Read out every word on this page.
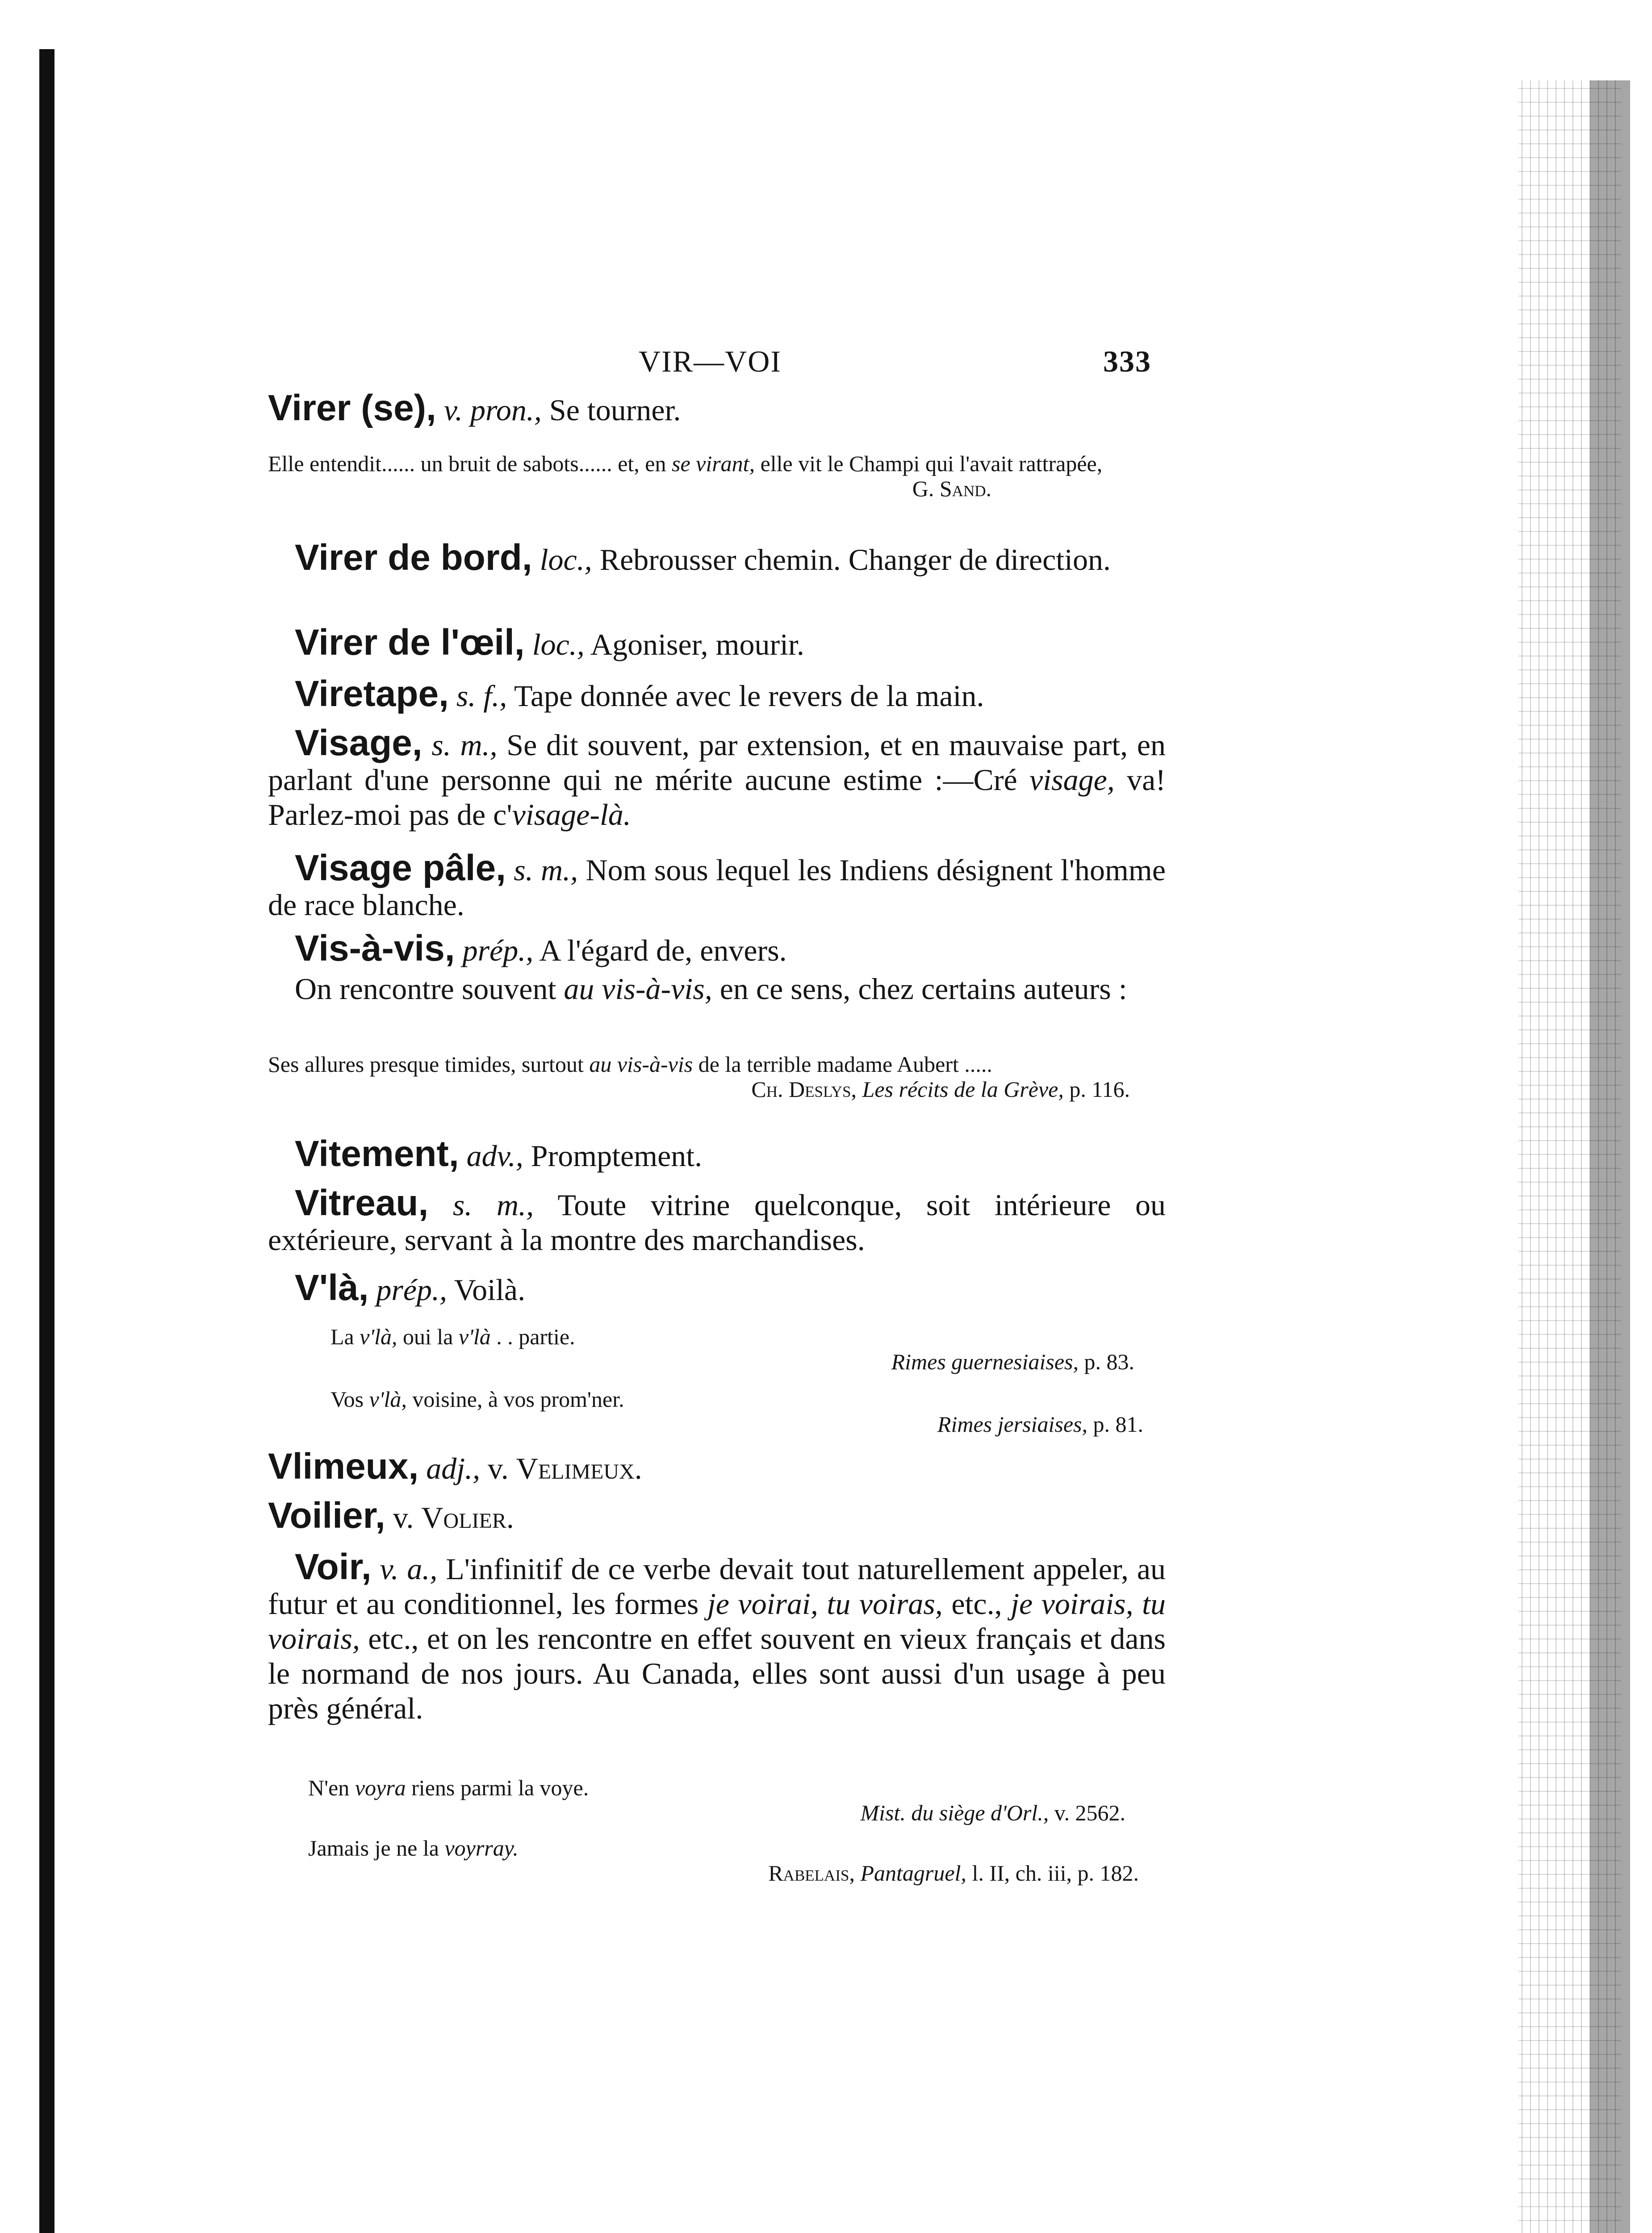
VIR—VOI	333
Virer (se), v. pron., Se tourner.
Elle entendit...... un bruit de sabots...... et, en se virant, elle vit le Champi qui l'avait rattrapée,
G. Sand.
Virer de bord, loc., Rebrousser chemin. Changer de direction.
Virer de l'œil, loc., Agoniser, mourir.
Viretape, s. f., Tape donnée avec le revers de la main.
Visage, s. m., Se dit souvent, par extension, et en mauvaise part, en parlant d'une personne qui ne mérite aucune estime :—Cré visage, va! Parlez-moi pas de c'visage-là.
Visage pâle, s. m., Nom sous lequel les Indiens désignent l'homme de race blanche.
Vis-à-vis, prép., A l'égard de, envers.
On rencontre souvent au vis-à-vis, en ce sens, chez certains auteurs :
Ses allures presque timides, surtout au vis-à-vis de la terrible madame Aubert .....
Ch. Deslys, Les récits de la Grève, p. 116.
Vitement, adv., Promptement.
Vitreau, s. m., Toute vitrine quelconque, soit intérieure ou extérieure, servant à la montre des marchandises.
V'là, prép., Voilà.
La v'là, oui la v'là . . partie.
Rimes guernesiaises, p. 83.
Vos v'là, voisine, à vos prom'ner.
Rimes jersiaises, p. 81.
Vlimeux, adj., v. Velimeux.
Voilier, v. Volier.
Voir, v. a., L'infinitif de ce verbe devait tout naturellement appeler, au futur et au conditionnel, les formes je voirai, tu voiras, etc., je voirais, tu voirais, etc., et on les rencontre en effet souvent en vieux français et dans le normand de nos jours. Au Canada, elles sont aussi d'un usage à peu près général.
N'en voyra riens parmi la voye.
Mist. du siège d'Orl., v. 2562.
Jamais je ne la voyrray.
Rabelais, Pantagruel, l. II, ch. iii, p. 182.
